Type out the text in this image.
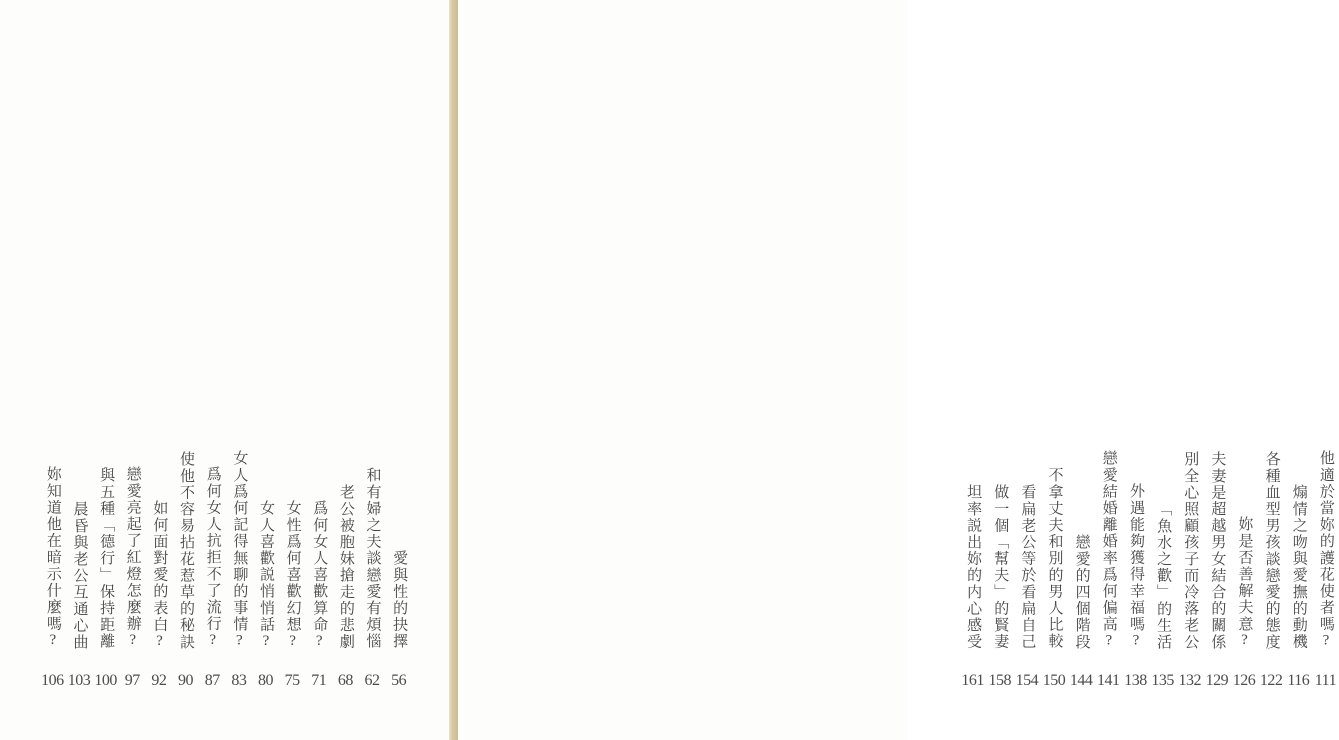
愛與性的抉擇
56
和有婦之夫談戀愛有煩惱
62
老公被胞妹搶走的悲劇
68
爲何女人喜歡算命?
71
女性爲何喜歡幻想?
75
女人喜歡説悄悄話?
80
女人爲何記得無聊的事情?
83
爲何女人抗拒不了流行?
87
使他不容易拈花惹草的秘訣
90
如何面對愛的表白?
92
戀愛亮起了紅燈怎麼辦?
97
與五種﹁德行﹂保持距離
100
晨昏與老公互通心曲
103
妳知道他在暗示什麼嗎?
106
他適於當妳的護花使者嗎?
111
煽情之吻與愛撫的動機
116
各種血型男孩談戀愛的態度
122
妳是否善解夫意?
126
夫妻是超越男女結合的關係
129
別全心照顧孩子而冷落老公
132
﹁魚水之歡﹂的生活
135
外遇能夠獲得幸福嗎?
138
戀愛結婚離婚率爲何偏高?
141
戀愛的四個階段
144
不拿丈夫和別的男人比較
150
看扁老公等於看扁自己
154
做一個﹁幫夫﹂的賢妻
158
坦率説出妳的内心感受
161
